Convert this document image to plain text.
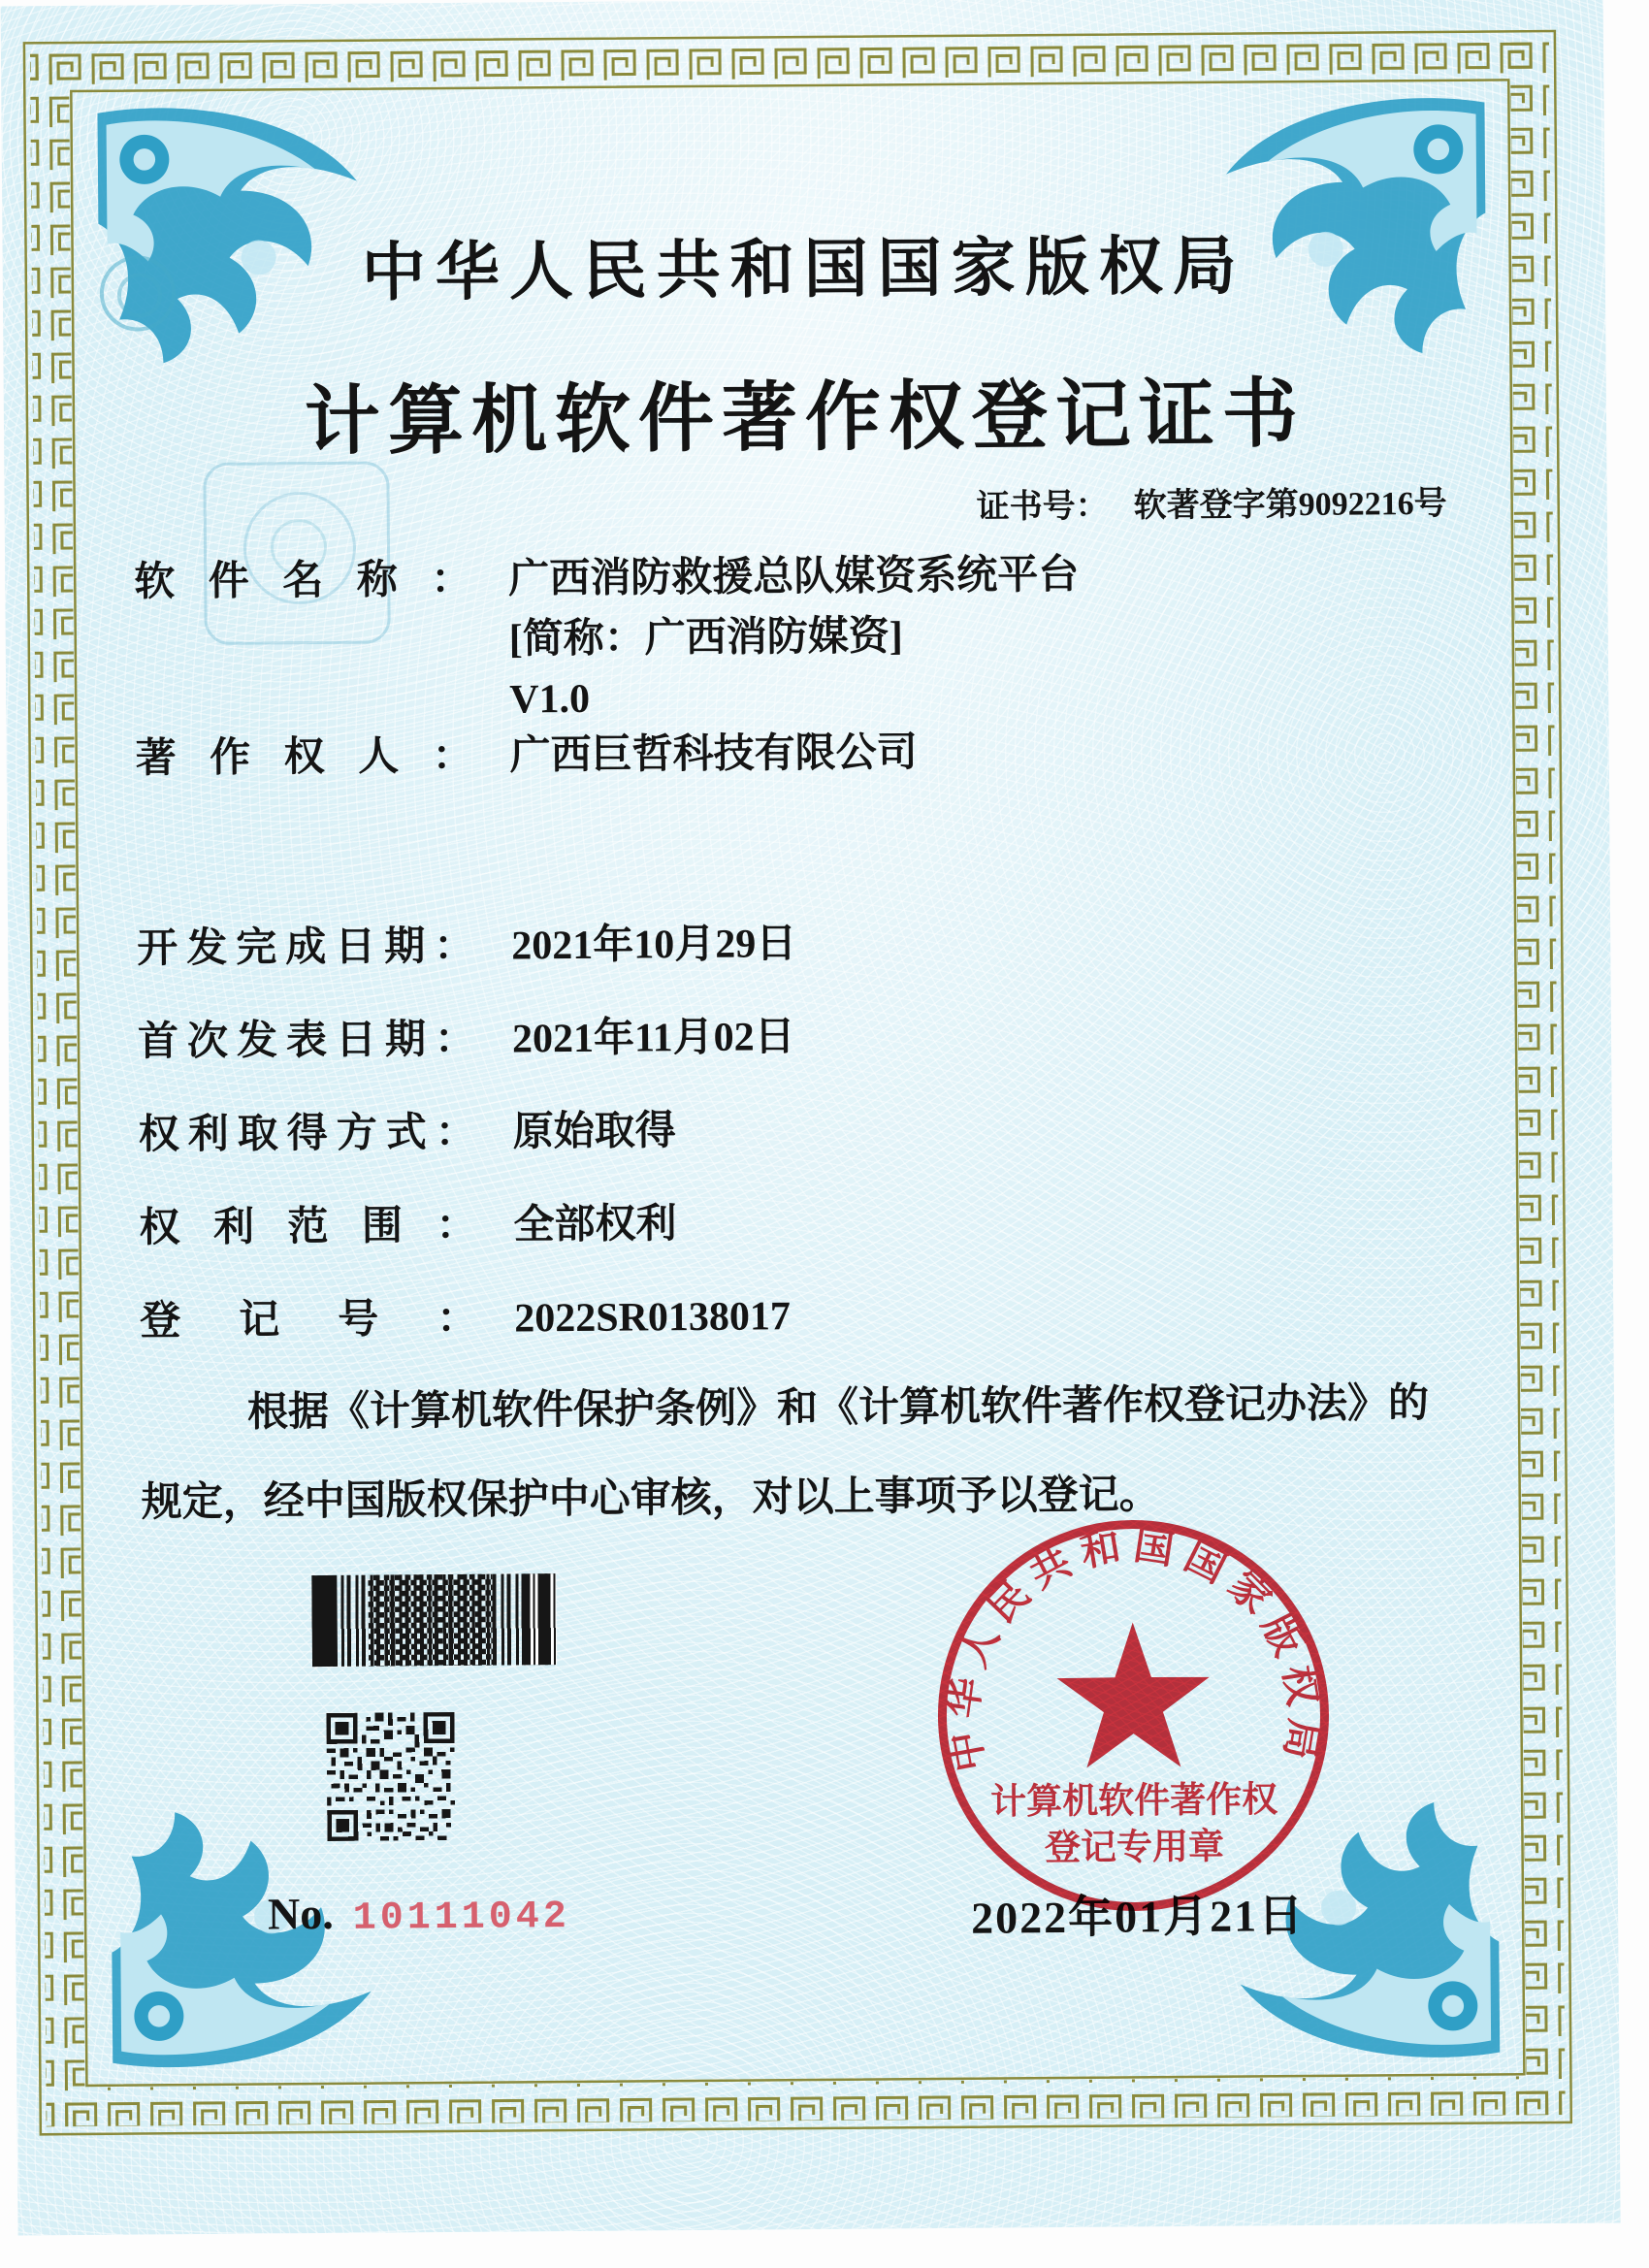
中华人民共和国国家版权局
计算机软件著作权登记证书
证书号： 软著登字第9092216号
软件名称： 广西消防救援总队媒资系统平台
[简称：广西消防媒资]
V1.0
著作权人： 广西巨哲科技有限公司
开发完成日期： 2021年10月29日
首次发表日期： 2021年11月02日
权利取得方式： 原始取得
权利范围： 全部权利
登记号： 2022SR0138017
根据《计算机软件保护条例》和《计算机软件著作权登记办法》的
规定，经中国版权保护中心审核，对以上事项予以登记。
No. 10111042	2022年01月21日
中华人民共和国国家版权局
计算机软件著作权
登记专用章
